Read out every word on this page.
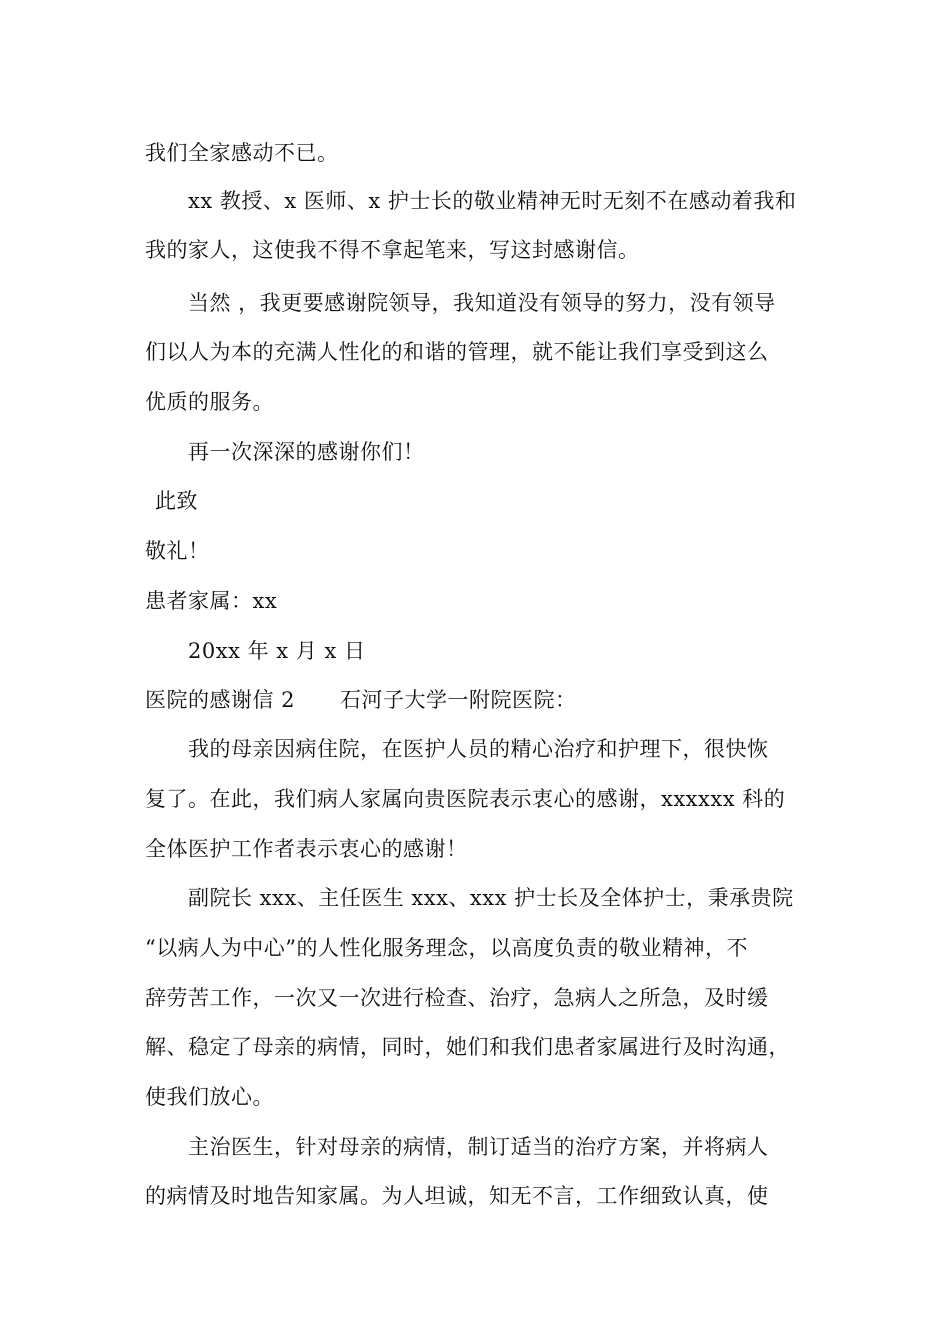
我们全家感动不已。
xx 教授、x 医师、x 护士长的敬业精神无时无刻不在感动着我和
我的家人，这使我不得不拿起笔来，写这封感谢信。
当然 ，我更要感谢院领导，我知道没有领导的努力，没有领导
们以人为本的充满人性化的和谐的管理，就不能让我们享受到这么
优质的服务。
再一次深深的感谢你们！
此致
敬礼！
患者家属：xx
20xx 年 x 月 x 日
医院的感谢信 2 石河子大学一附院医院：
我的母亲因病住院，在医护人员的精心治疗和护理下，很快恢
复了。在此，我们病人家属向贵医院表示衷心的感谢，xxxxxx 科的
全体医护工作者表示衷心的感谢！
副院长 xxx、主任医生 xxx、xxx 护士长及全体护士，秉承贵院
“以病人为中心”的人性化服务理念，以高度负责的敬业精神，不
辞劳苦工作，一次又一次进行检查、治疗，急病人之所急，及时缓
解、稳定了母亲的病情，同时，她们和我们患者家属进行及时沟通，
使我们放心。
主治医生，针对母亲的病情，制订适当的治疗方案，并将病人
的病情及时地告知家属。为人坦诚，知无不言，工作细致认真，使
